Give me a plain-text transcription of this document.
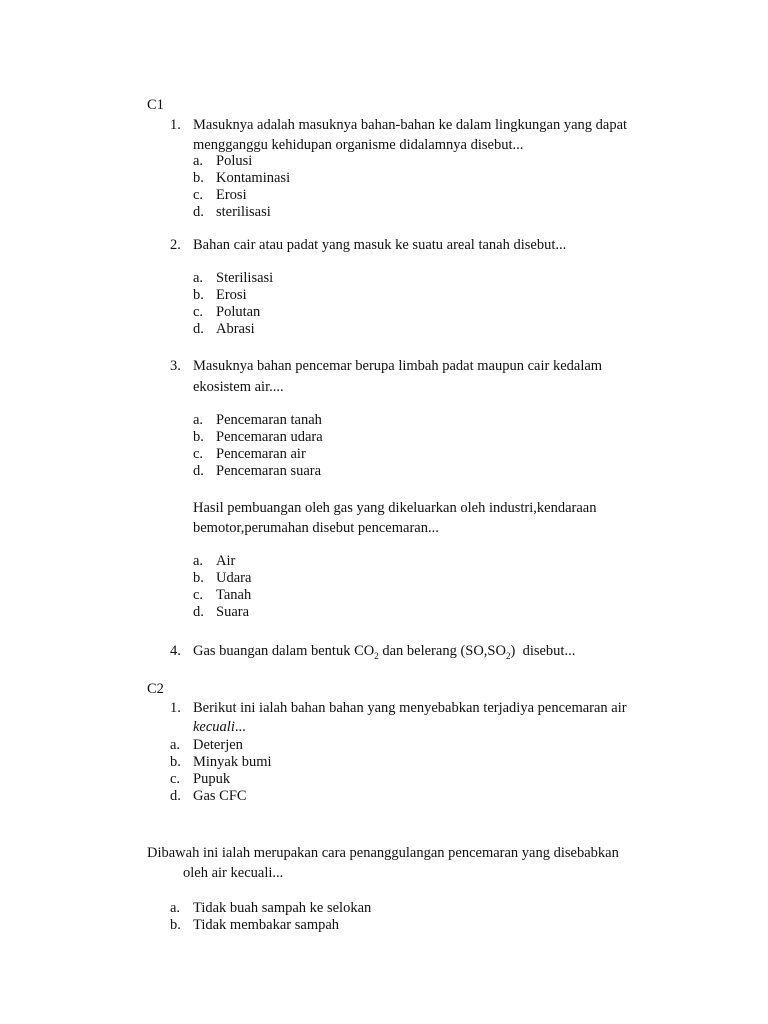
C1
1. Masuknya adalah masuknya bahan-bahan ke dalam lingkungan yang dapat
mengganggu kehidupan organisme didalamnya disebut...
a. Polusi
b. Kontaminasi
c. Erosi
d. sterilisasi
2. Bahan cair atau padat yang masuk ke suatu areal tanah disebut...
a. Sterilisasi
b. Erosi
c. Polutan
d. Abrasi
3. Masuknya bahan pencemar berupa limbah padat maupun cair kedalam
ekosistem air....
a. Pencemaran tanah
b. Pencemaran udara
c. Pencemaran air
d. Pencemaran suara
Hasil pembuangan oleh gas yang dikeluarkan oleh industri,kendaraan
bemotor,perumahan disebut pencemaran...
a. Air
b. Udara
c. Tanah
d. Suara
4. Gas buangan dalam bentuk $CO_2$ dan belerang $(SO,SO_2)$  disebut...
C2
1. Berikut ini ialah bahan bahan yang menyebabkan terjadiya pencemaran air
kecuali...
a. Deterjen
b. Minyak bumi
c. Pupuk
d. Gas CFC
Dibawah ini ialah merupakan cara penanggulangan pencemaran yang disebabkan
oleh air kecuali...
a. Tidak buah sampah ke selokan
b. Tidak membakar sampah
